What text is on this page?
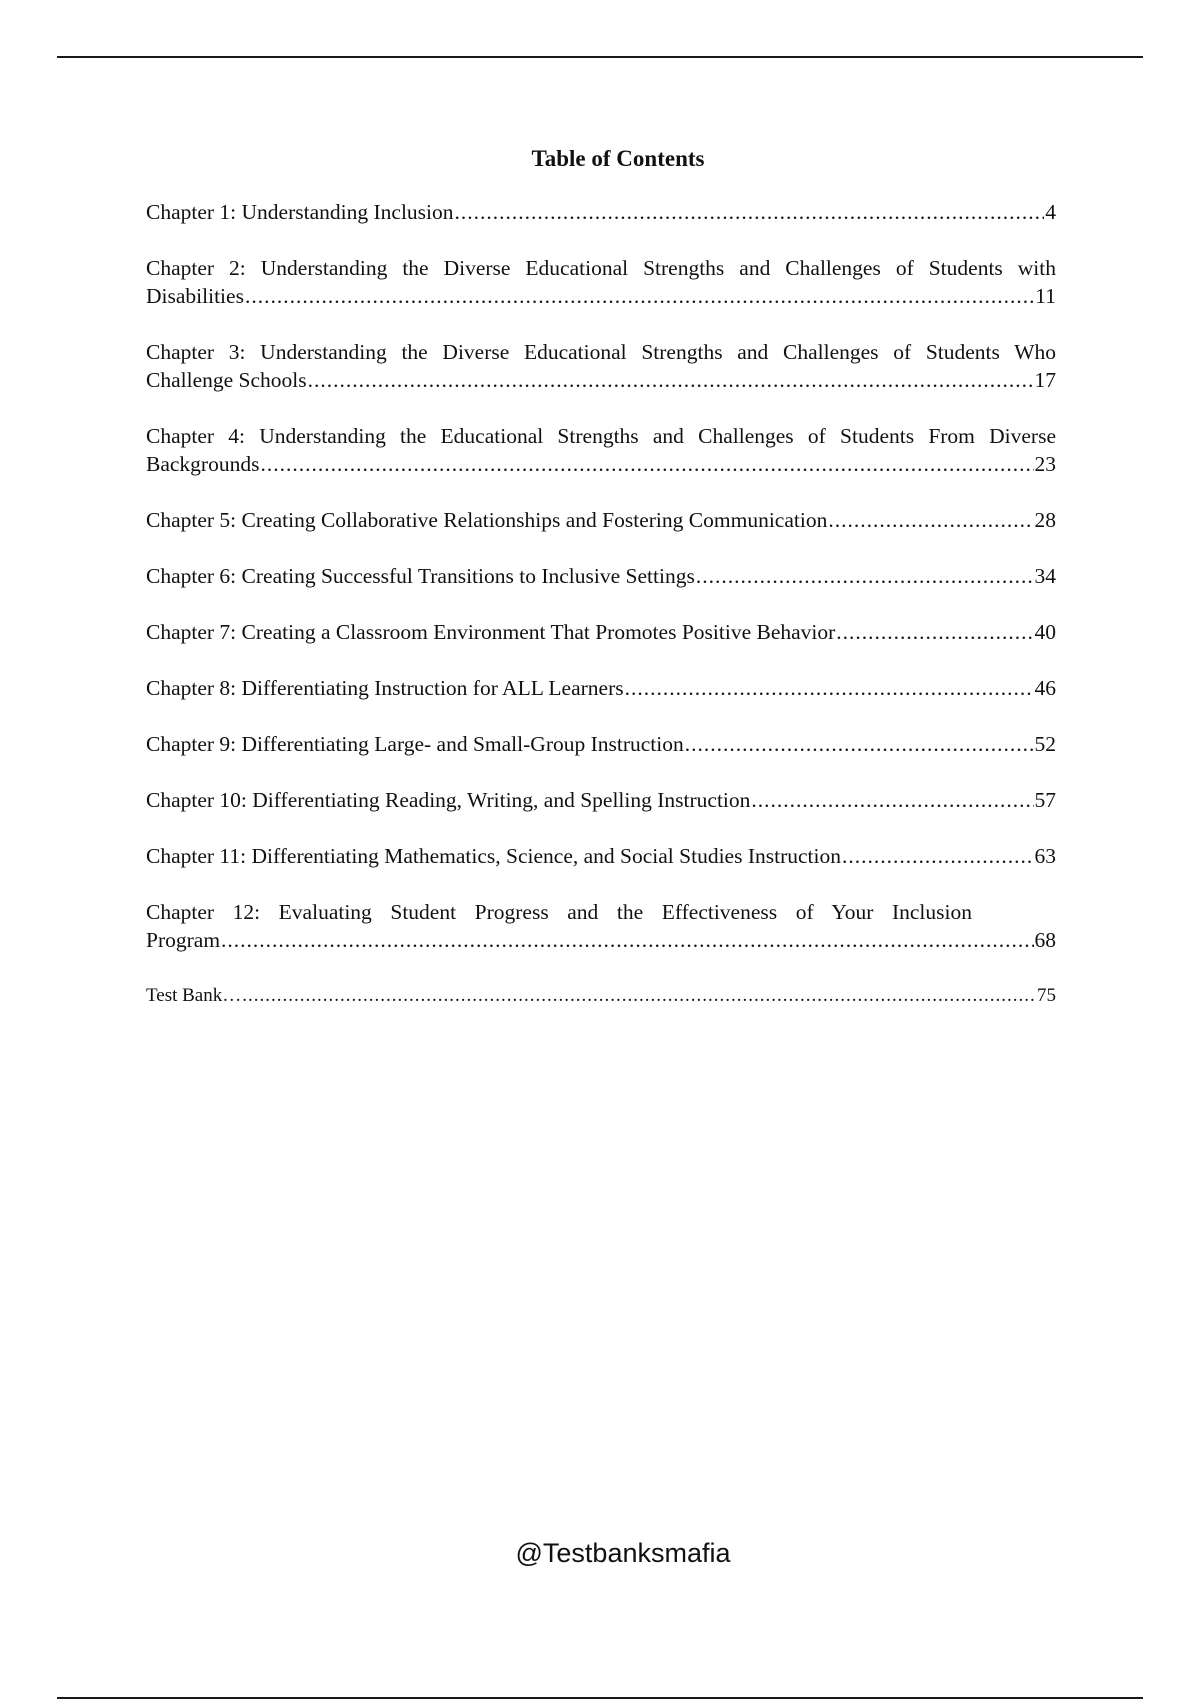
Table of Contents
Chapter 1: Understanding Inclusion .....	4
Chapter 2: Understanding the Diverse Educational Strengths and Challenges of Students with
Disabilities .....	11
Chapter 3: Understanding the Diverse Educational Strengths and Challenges of Students Who
Challenge Schools .....	17
Chapter 4: Understanding the Educational Strengths and Challenges of Students From Diverse
Backgrounds .....	23
Chapter 5: Creating Collaborative Relationships and Fostering Communication .....	28
Chapter 6: Creating Successful Transitions to Inclusive Settings .....	34
Chapter 7: Creating a Classroom Environment That Promotes Positive Behavior .....	40
Chapter 8: Differentiating Instruction for ALL Learners .....	46
Chapter 9: Differentiating Large- and Small-Group Instruction .....	52
Chapter 10: Differentiating Reading, Writing, and Spelling Instruction .....	57
Chapter 11: Differentiating Mathematics, Science, and Social Studies Instruction .....	63
Chapter 12: Evaluating Student Progress and the Effectiveness of Your Inclusion
Program .....	68
Test Bank… .....	75
@Testbanksmafia
